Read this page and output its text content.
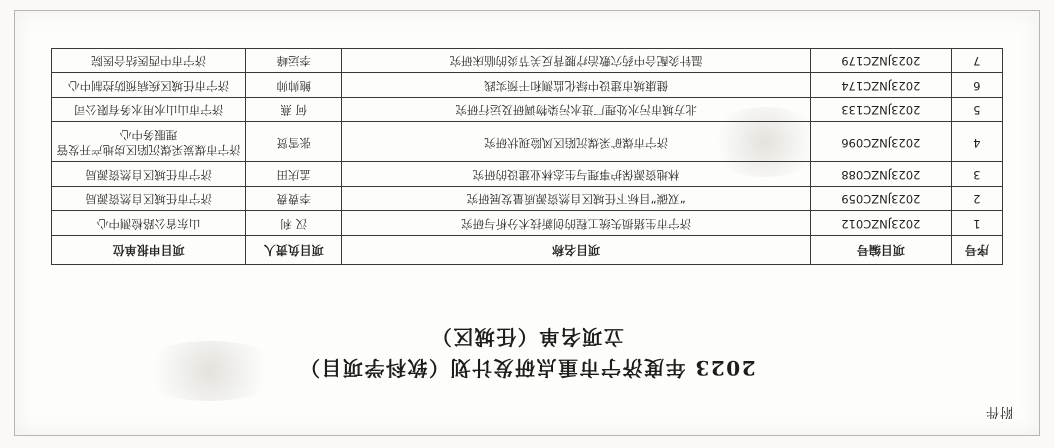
附件
2023 年度济宁市重点研发计划（软科学项目）
立项名单（任城区）
序号	项目编号	项目名称	项目负责人	项目申报单位
1	2023JNZC012	济宁市生猪损失统工程的创新技术分析与研究	汉 利	山东省公路检测中心
2	2023JNZC059	“双碳”目标下任城区自然资源质量发展研究	李费费	济宁市任城区自然资源局
3	2023JNZC088	林地资源保护事理与生态林业建设的研究	孟庆田	济宁市任城区自然资源局
4	2023JNZC096	济宁市煤矿采煤沉陷区风险现状研究	张雪贤	济宁市煤炭采煤沉陷区房地产开发管理服务中心
5	2023JNZC133	北方城市污水处理厂进水污染物调研及运行研究	何 燕	济宁市山山水用水务有限公司
6	2023JNZC174	健康城市建设中绿化监测和干预实践	鲍帅帅	济宁市任城区疾病预防控制中心
7	2023JNZC179	温针灸配合中药穴敷治疗腰背反关节炎的临床研究	李运峰	济宁市中西医结合医院
